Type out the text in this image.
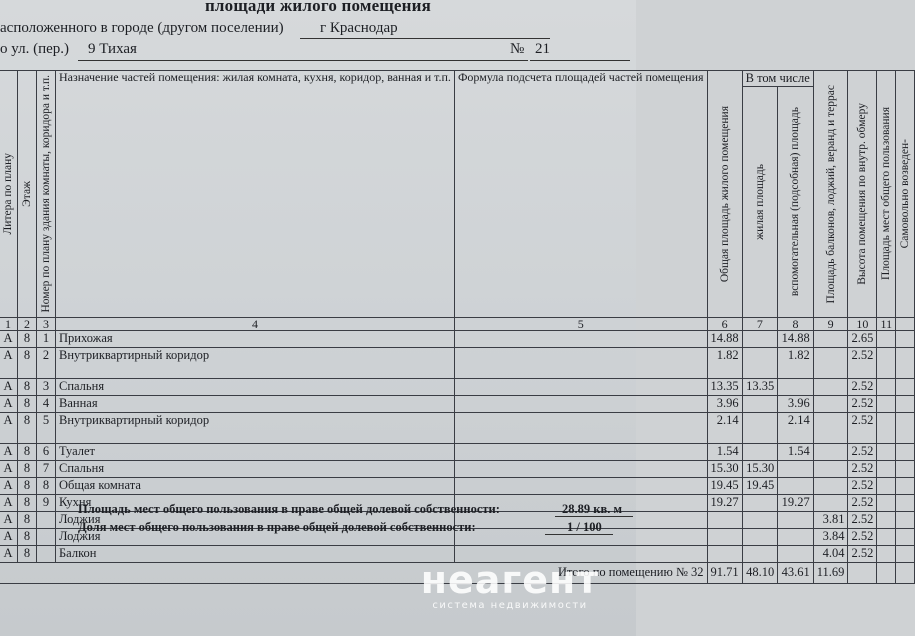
площади жилого помещения
асположенного в городе (другом поселении) г Краснодар
о ул. (пер.) 9 Тихая	№ 21
Литера по плану	Этаж	Номер по плану здания комнаты, коридора и т.п.	Назначение частей помещения: жилая комната, кухня, коридор, ванная и т.п.	Формула подсчета площадей частей помещения	Общая площадь жилого помещения	В том числе		Площадь балконов, лоджий, веранд и террас	Высота помещения по внутр. обмеру	Площадь мест общего пользования	Самовольно возведен-

						жилая площадь	вспомогательная (подсобная) площадь				

1	2	3	4	5	6	7	8	9	10	11	
А	8	1	Прихожая		14.88		14.88		2.65		
А	8	2	Внутриквартирный коридор		1.82		1.82		2.52		
А	8	3	Спальня		13.35	13.35			2.52		
А	8	4	Ванная		3.96		3.96		2.52		
А	8	5	Внутриквартирный коридор		2.14		2.14		2.52		
А	8	6	Туалет		1.54		1.54		2.52		
А	8	7	Спальня		15.30	15.30			2.52		
А	8	8	Общая комната		19.45	19.45			2.52		
А	8	9	Кухня		19.27		19.27		2.52		
А	8		Лоджия					3.81	2.52		
А	8		Лоджия					3.84	2.52		
А	8		Балкон					4.04	2.52		
Итого по помещению № 32					91.71	48.10	43.61	11.69			
Площадь мест общего пользования в праве общей долевой собственности:	28.89 кв. м
Доля мест общего пользования в праве общей долевой собственности:	1 / 100
неагент
система недвижимости
